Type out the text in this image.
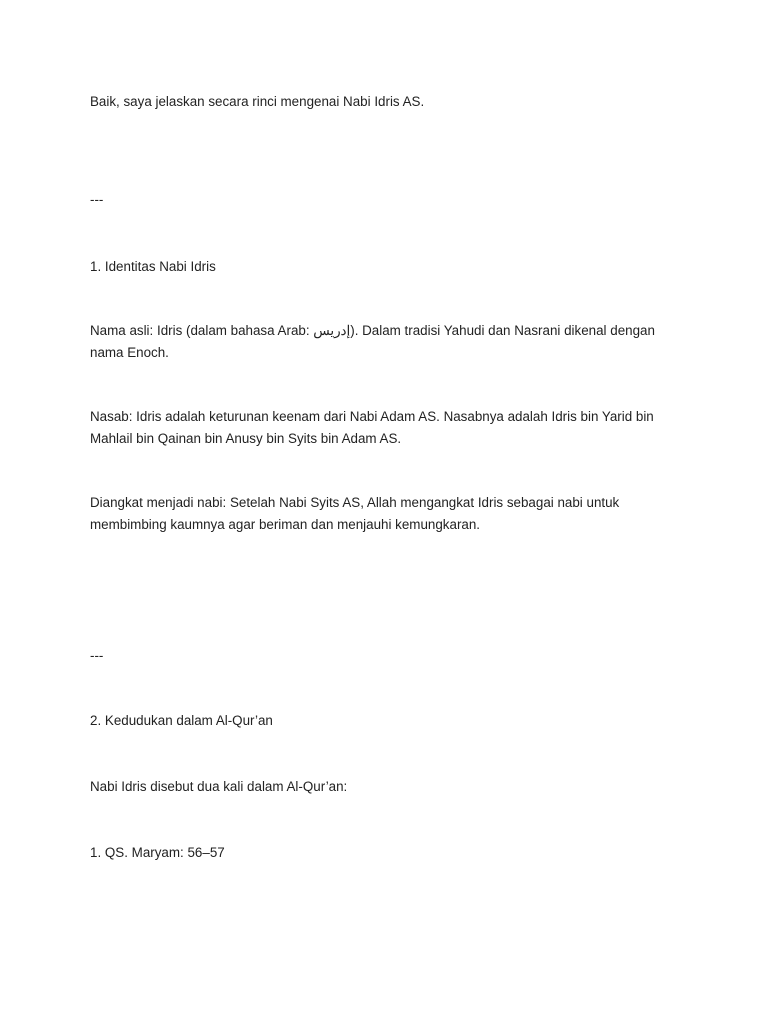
Baik, saya jelaskan secara rinci mengenai Nabi Idris AS.

---

1. Identitas Nabi Idris

Nama asli: Idris (dalam bahasa Arab: إدريس). Dalam tradisi Yahudi dan Nasrani dikenal dengan nama Enoch.

Nasab: Idris adalah keturunan keenam dari Nabi Adam AS. Nasabnya adalah Idris bin Yarid bin Mahlail bin Qainan bin Anusy bin Syits bin Adam AS.

Diangkat menjadi nabi: Setelah Nabi Syits AS, Allah mengangkat Idris sebagai nabi untuk membimbing kaumnya agar beriman dan menjauhi kemungkaran.

---

2. Kedudukan dalam Al-Qur’an

Nabi Idris disebut dua kali dalam Al-Qur’an:

1. QS. Maryam: 56–57
